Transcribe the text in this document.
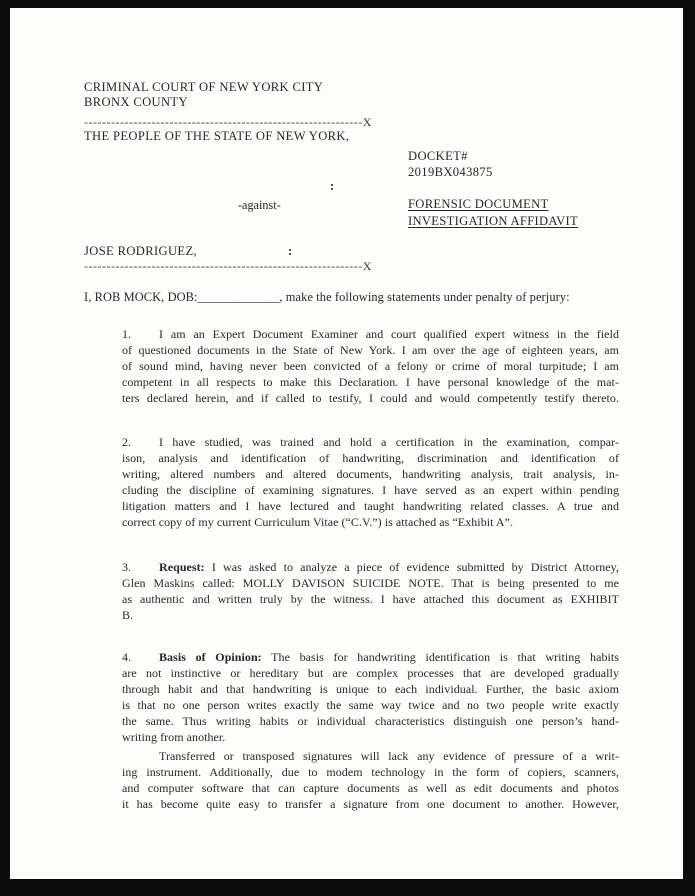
CRIMINAL COURT OF NEW YORK CITY
BRONX COUNTY
--------------------------------------------------------------X
THE PEOPLE OF THE STATE OF NEW YORK,
DOCKET#
2019BX043875
:
-against-	FORENSIC DOCUMENT
INVESTIGATION AFFIDAVIT
JOSE RODRIGUEZ,	:
--------------------------------------------------------------X
I, ROB MOCK, DOB:_____________, make the following statements under penalty of perjury:
1. I am an Expert Document Examiner and court qualified expert witness in the field
of questioned documents in the State of New York. I am over the age of eighteen years, am
of sound mind, having never been convicted of a felony or crime of moral turpitude; I am
competent in all respects to make this Declaration. I have personal knowledge of the mat-
ters declared herein, and if called to testify, I could and would competently testify thereto.
2. I have studied, was trained and hold a certification in the examination, compar-
ison, analysis and identification of handwriting, discrimination and identification of
writing, altered numbers and altered documents, handwriting analysis, trait analysis, in-
cluding the discipline of examining signatures. I have served as an expert within pending
litigation matters and I have lectured and taught handwriting related classes. A true and
correct copy of my current Curriculum Vitae (“C.V.”) is attached as “Exhibit A”.
3. Request: I was asked to analyze a piece of evidence submitted by District Attorney,
Glen Maskins called: MOLLY DAVISON SUICIDE NOTE. That is being presented to me
as authentic and written truly by the witness. I have attached this document as EXHIBIT
B.
4. Basis of Opinion: The basis for handwriting identification is that writing habits
are not instinctive or hereditary but are complex processes that are developed gradually
through habit and that handwriting is unique to each individual. Further, the basic axiom
is that no one person writes exactly the same way twice and no two people write exactly
the same. Thus writing habits or individual characteristics distinguish one person’s hand-
writing from another.
Transferred or transposed signatures will lack any evidence of pressure of a writ-
ing instrument. Additionally, due to modem technology in the form of copiers, scanners,
and computer software that can capture documents as well as edit documents and photos
it has become quite easy to transfer a signature from one document to another. However,
